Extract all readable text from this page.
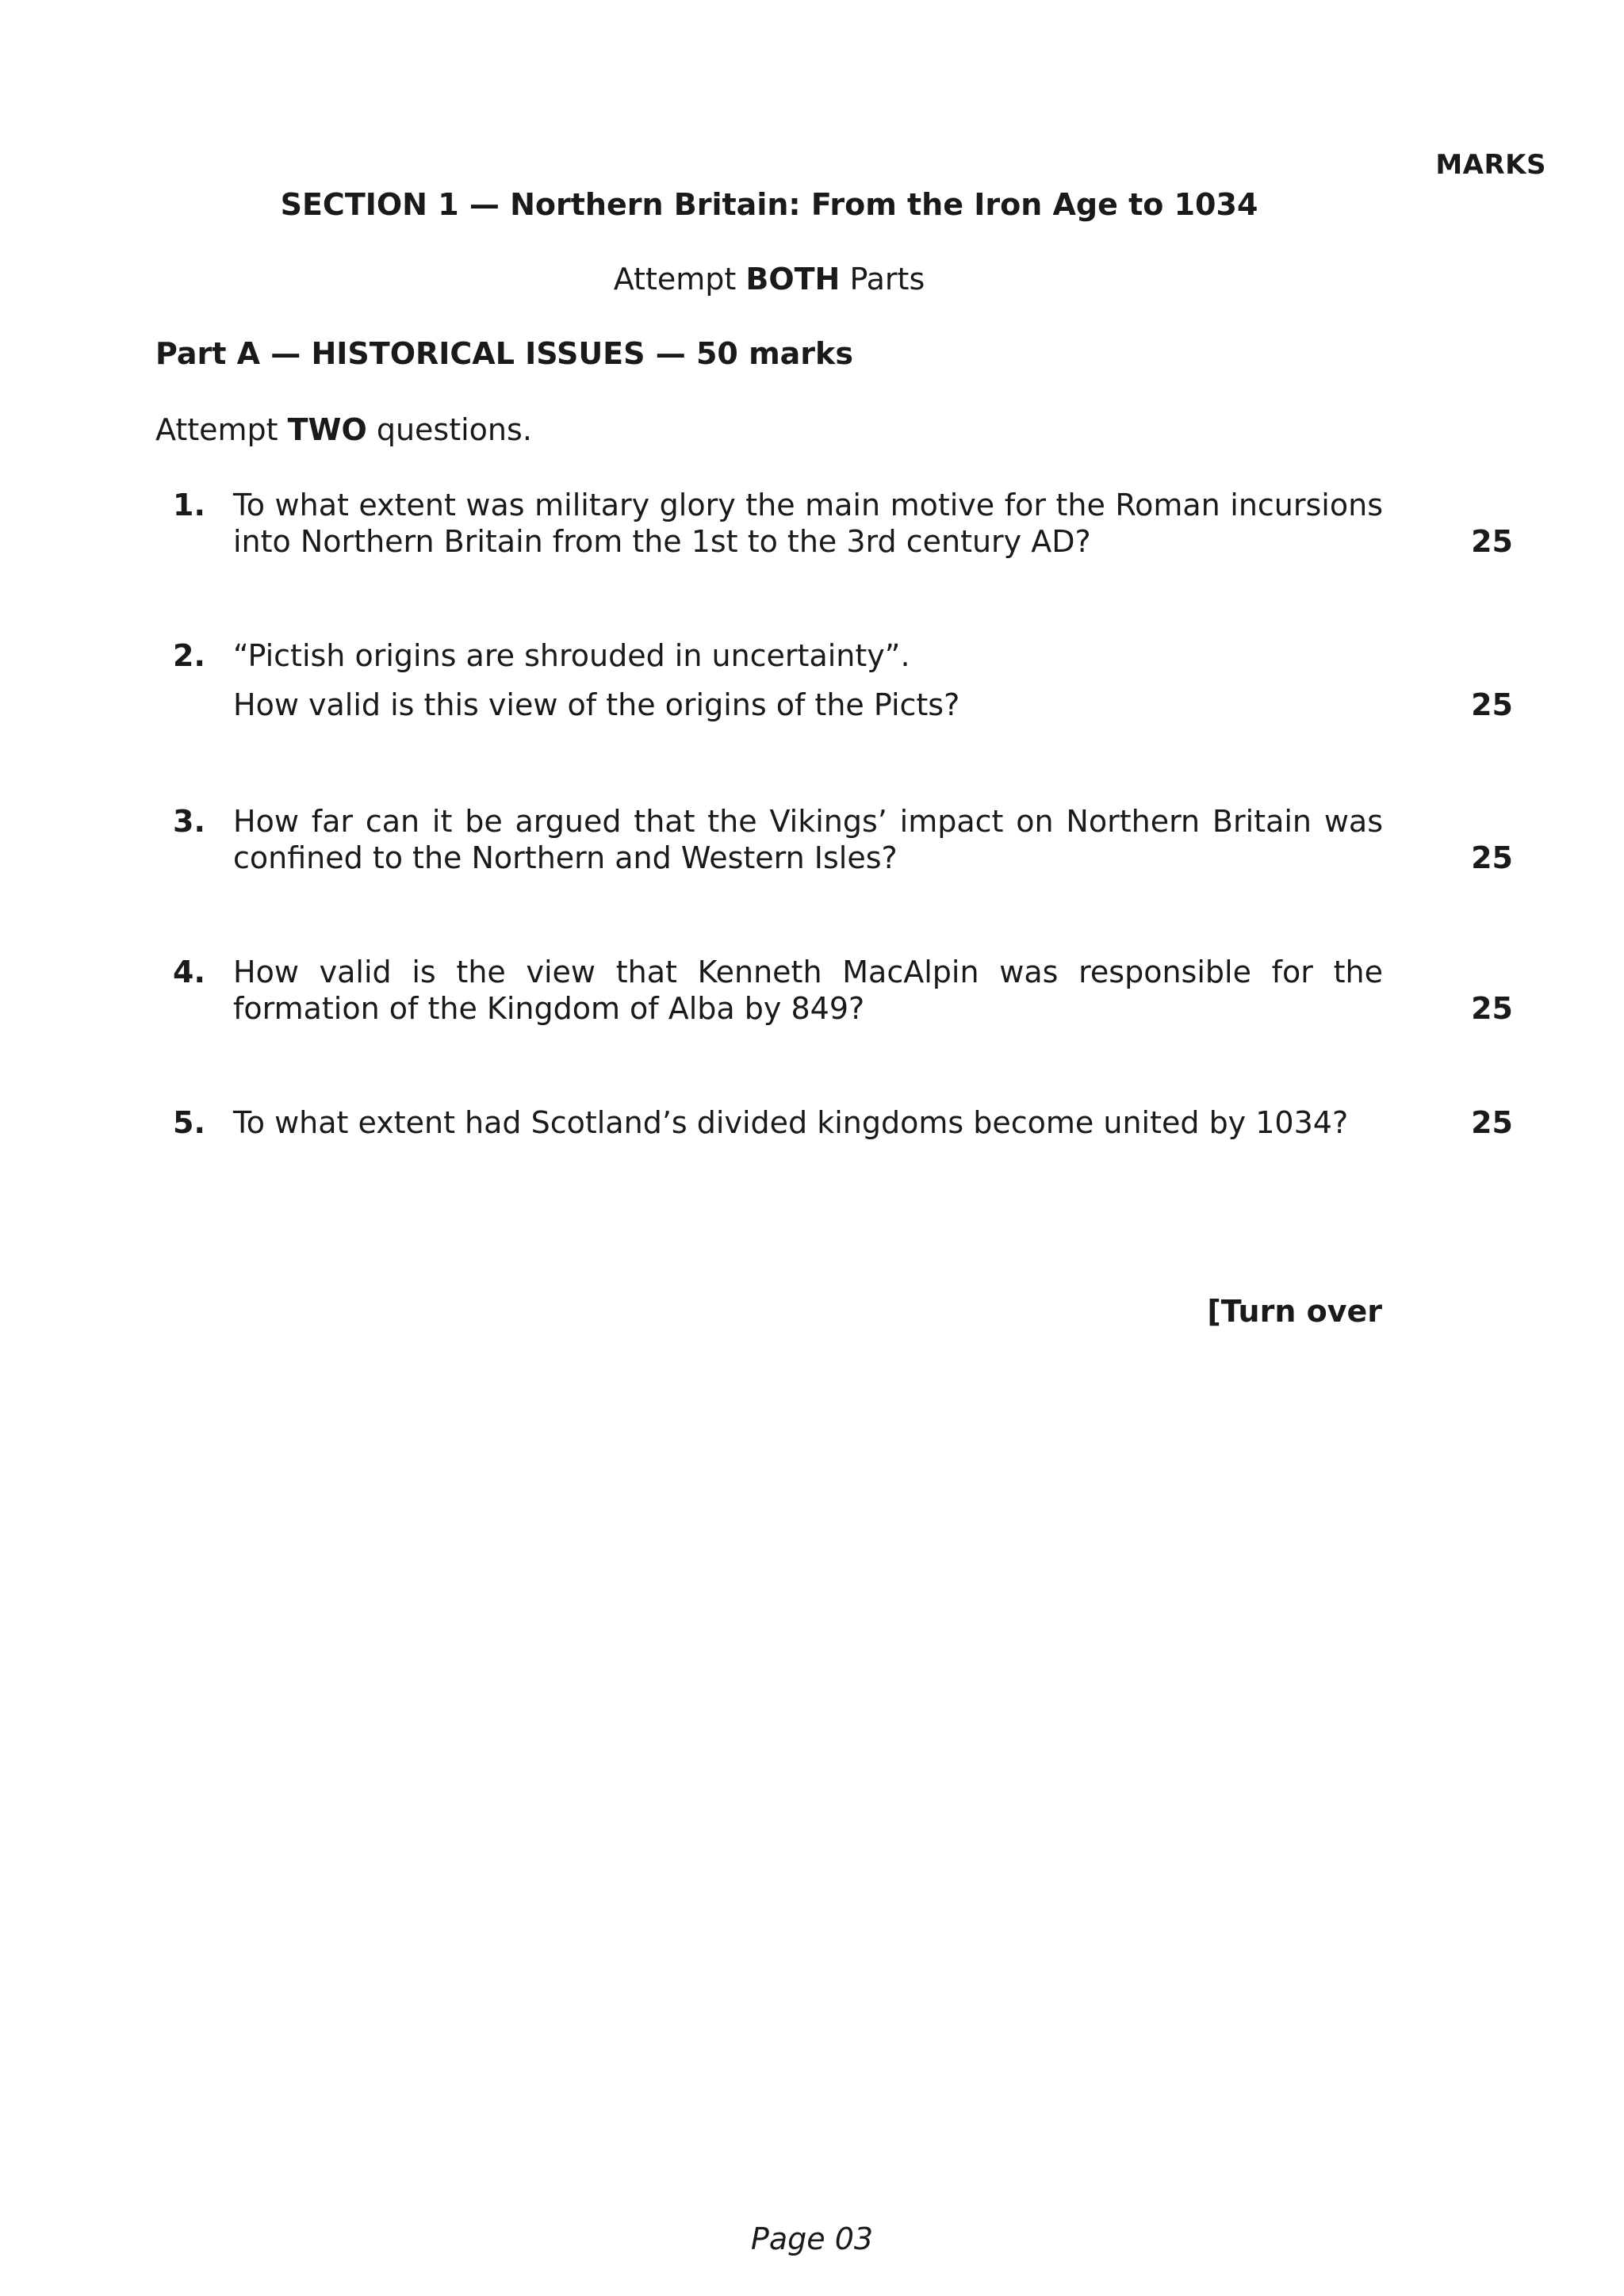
MARKS
SECTION 1 — Northern Britain: From the Iron Age to 1034
Attempt BOTH Parts
Part A — HISTORICAL ISSUES — 50 marks
Attempt TWO questions.
1. To what extent was military glory the main motive for the Roman incursions into Northern Britain from the 1st to the 3rd century AD?	25
2. “Pictish origins are shrouded in uncertainty”.

How valid is this view of the origins of the Picts?	25
3. How far can it be argued that the Vikings’ impact on Northern Britain was confined to the Northern and Western Isles?	25
4. How valid is the view that Kenneth MacAlpin was responsible for the formation of the Kingdom of Alba by 849?	25
5. To what extent had Scotland’s divided kingdoms become united by 1034?	25
[Turn over
Page 03
